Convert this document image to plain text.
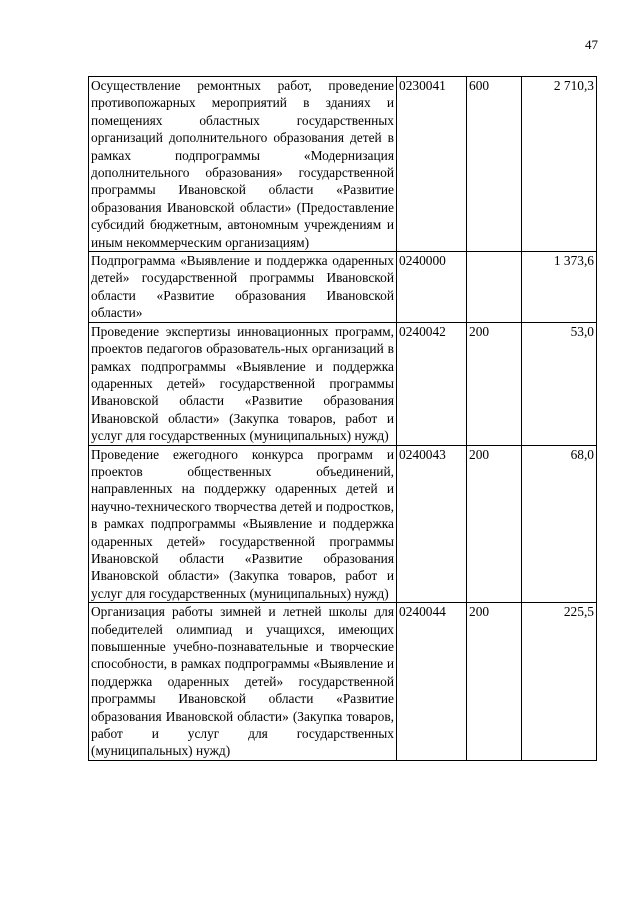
47
Осуществление ремонтных работ, проведение противопожарных мероприятий в зданиях и помещениях областных государственных организаций дополнительного образования детей в рамках подпрограммы «Модернизация дополнительного образования» государственной программы Ивановской области «Развитие образования Ивановской области» (Предоставление субсидий бюджетным, автономным учреждениям и иным некоммерческим организациям)	0230041	600	2 710,3
Подпрограмма «Выявление и поддержка одаренных детей» государственной программы Ивановской области «Развитие образования Ивановской области»	0240000		1 373,6
Проведение экспертизы инновационных программ, проектов педагогов образователь-ных организаций в рамках подпрограммы «Выявление и поддержка одаренных детей» государственной программы Ивановской области «Развитие образования Ивановской области» (Закупка товаров, работ и услуг для государственных (муниципальных) нужд)	0240042	200	53,0
Проведение ежегодного конкурса программ и проектов общественных объединений, направленных на поддержку одаренных детей и научно-технического творчества детей и подростков, в рамках подпрограммы «Выявление и поддержка одаренных детей» государственной программы Ивановской области «Развитие образования Ивановской области» (Закупка товаров, работ и услуг для государственных (муниципальных) нужд)	0240043	200	68,0
Организация работы зимней и летней школы для победителей олимпиад и учащихся, имеющих повышенные учебно-познавательные и творческие способности, в рамках подпрограммы «Выявление и поддержка одаренных детей» государственной программы Ивановской области «Развитие образования Ивановской области» (Закупка товаров, работ и услуг для государственных (муниципальных) нужд)	0240044	200	225,5
